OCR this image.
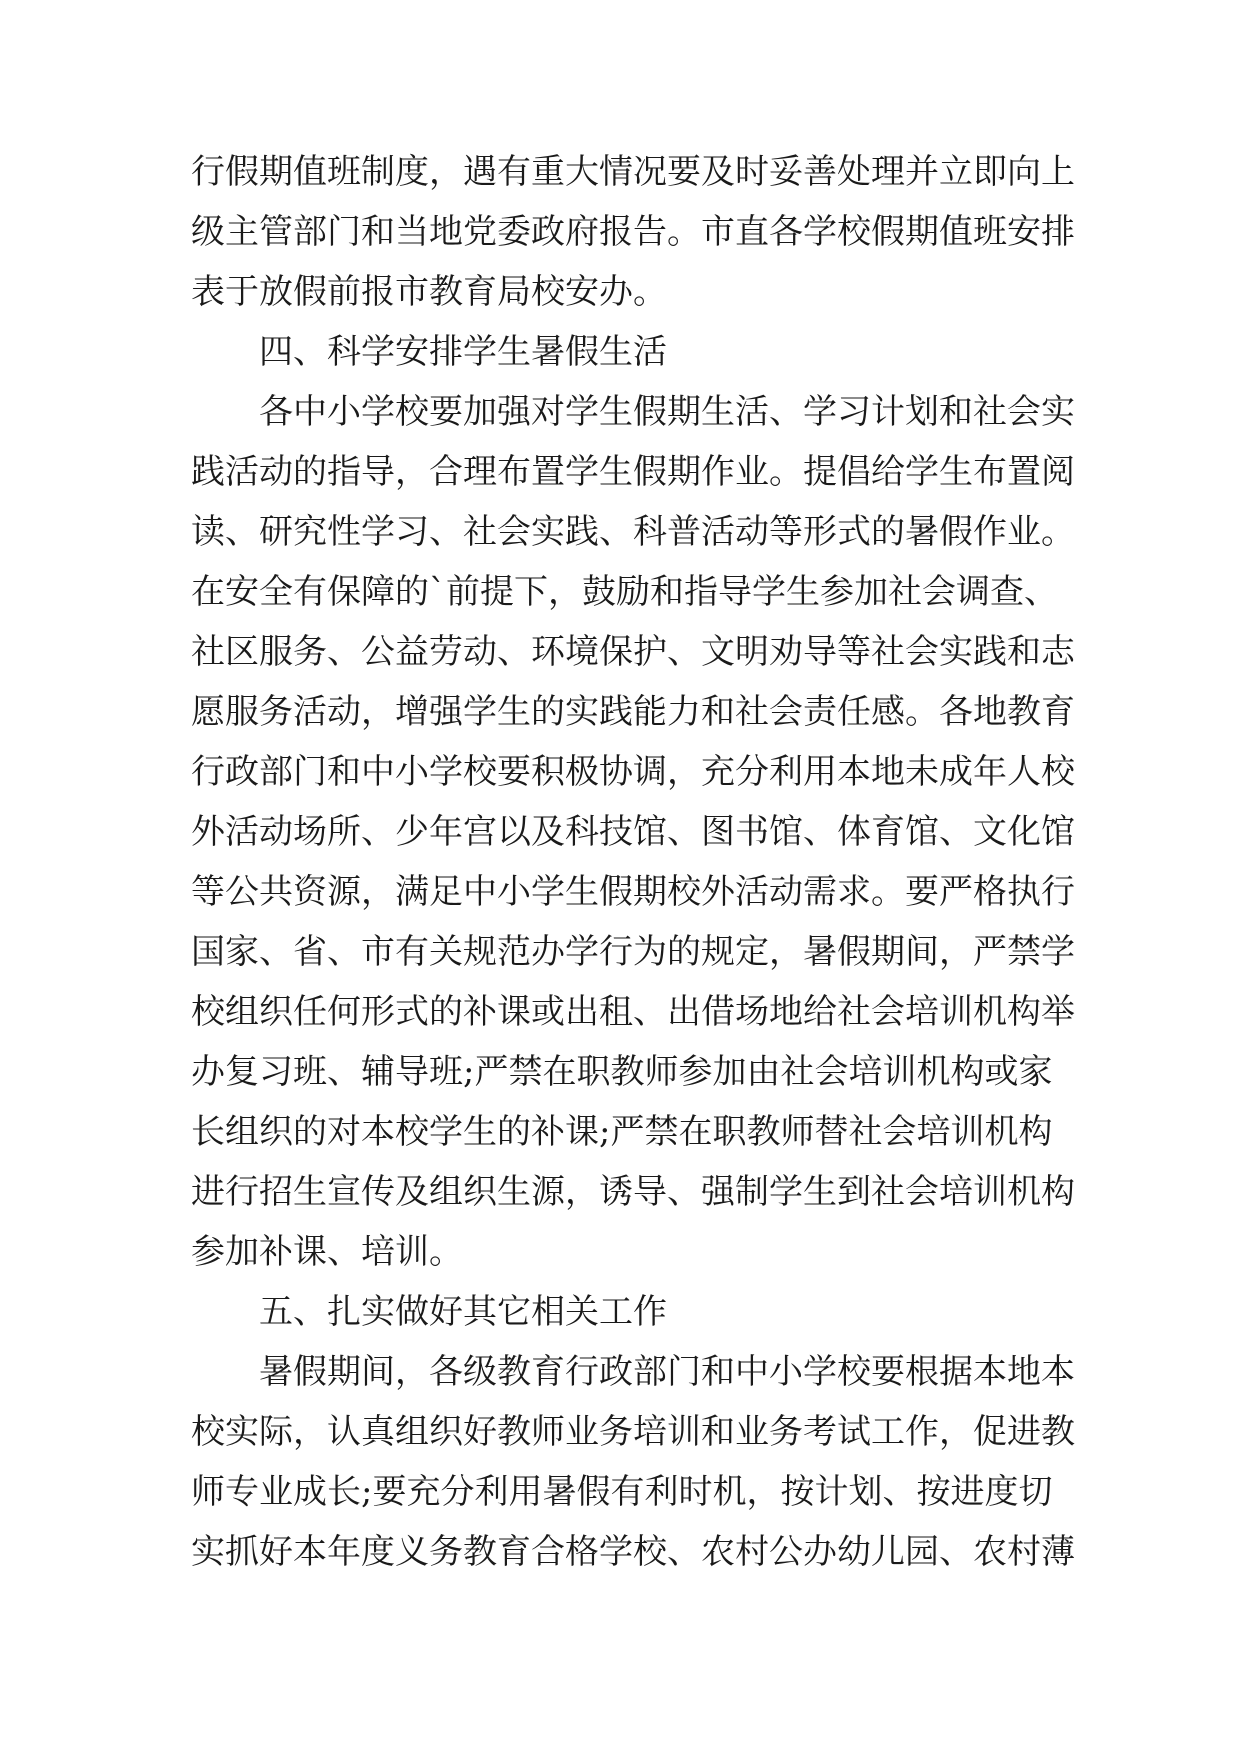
行假期值班制度，遇有重大情况要及时妥善处理并立即向上
级主管部门和当地党委政府报告。市直各学校假期值班安排
表于放假前报市教育局校安办。
四、科学安排学生暑假生活
各中小学校要加强对学生假期生活、学习计划和社会实
践活动的指导，合理布置学生假期作业。提倡给学生布置阅
读、研究性学习、社会实践、科普活动等形式的暑假作业。
在安全有保障的`前提下，鼓励和指导学生参加社会调查、
社区服务、公益劳动、环境保护、文明劝导等社会实践和志
愿服务活动，增强学生的实践能力和社会责任感。各地教育
行政部门和中小学校要积极协调，充分利用本地未成年人校
外活动场所、少年宫以及科技馆、图书馆、体育馆、文化馆
等公共资源，满足中小学生假期校外活动需求。要严格执行
国家、省、市有关规范办学行为的规定，暑假期间，严禁学
校组织任何形式的补课或出租、出借场地给社会培训机构举
办复习班、辅导班;严禁在职教师参加由社会培训机构或家
长组织的对本校学生的补课;严禁在职教师替社会培训机构
进行招生宣传及组织生源，诱导、强制学生到社会培训机构
参加补课、培训。
五、扎实做好其它相关工作
暑假期间，各级教育行政部门和中小学校要根据本地本
校实际，认真组织好教师业务培训和业务考试工作，促进教
师专业成长;要充分利用暑假有利时机，按计划、按进度切
实抓好本年度义务教育合格学校、农村公办幼儿园、农村薄
